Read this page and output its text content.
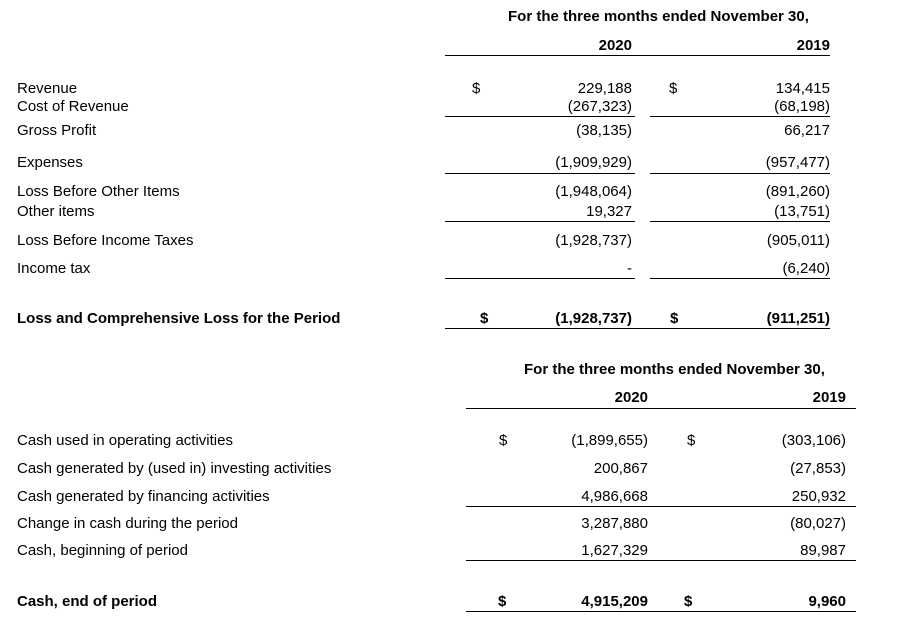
For the three months ended November 30,
2020	2019
Revenue	$	229,188 $	134,415
Cost of Revenue	(267,323)	(68,198)
Gross Profit	(38,135)	66,217
Expenses	(1,909,929)	(957,477)
Loss Before Other Items	(1,948,064)	(891,260)
Other items	19,327	(13,751)
Loss Before Income Taxes	(1,928,737)	(905,011)
Income tax	-	(6,240)
Loss and Comprehensive Loss for the Period	$	(1,928,737)	$	(911,251)
For the three months ended November 30,
2020	2019
Cash used in operating activities	$	(1,899,655)	$	(303,106)
Cash generated by (used in) investing activities	200,867	(27,853)
Cash generated by financing activities	4,986,668	250,932
Change in cash during the period	3,287,880	(80,027)
Cash, beginning of period	1,627,329	89,987
Cash, end of period	$	4,915,209 $	9,960
